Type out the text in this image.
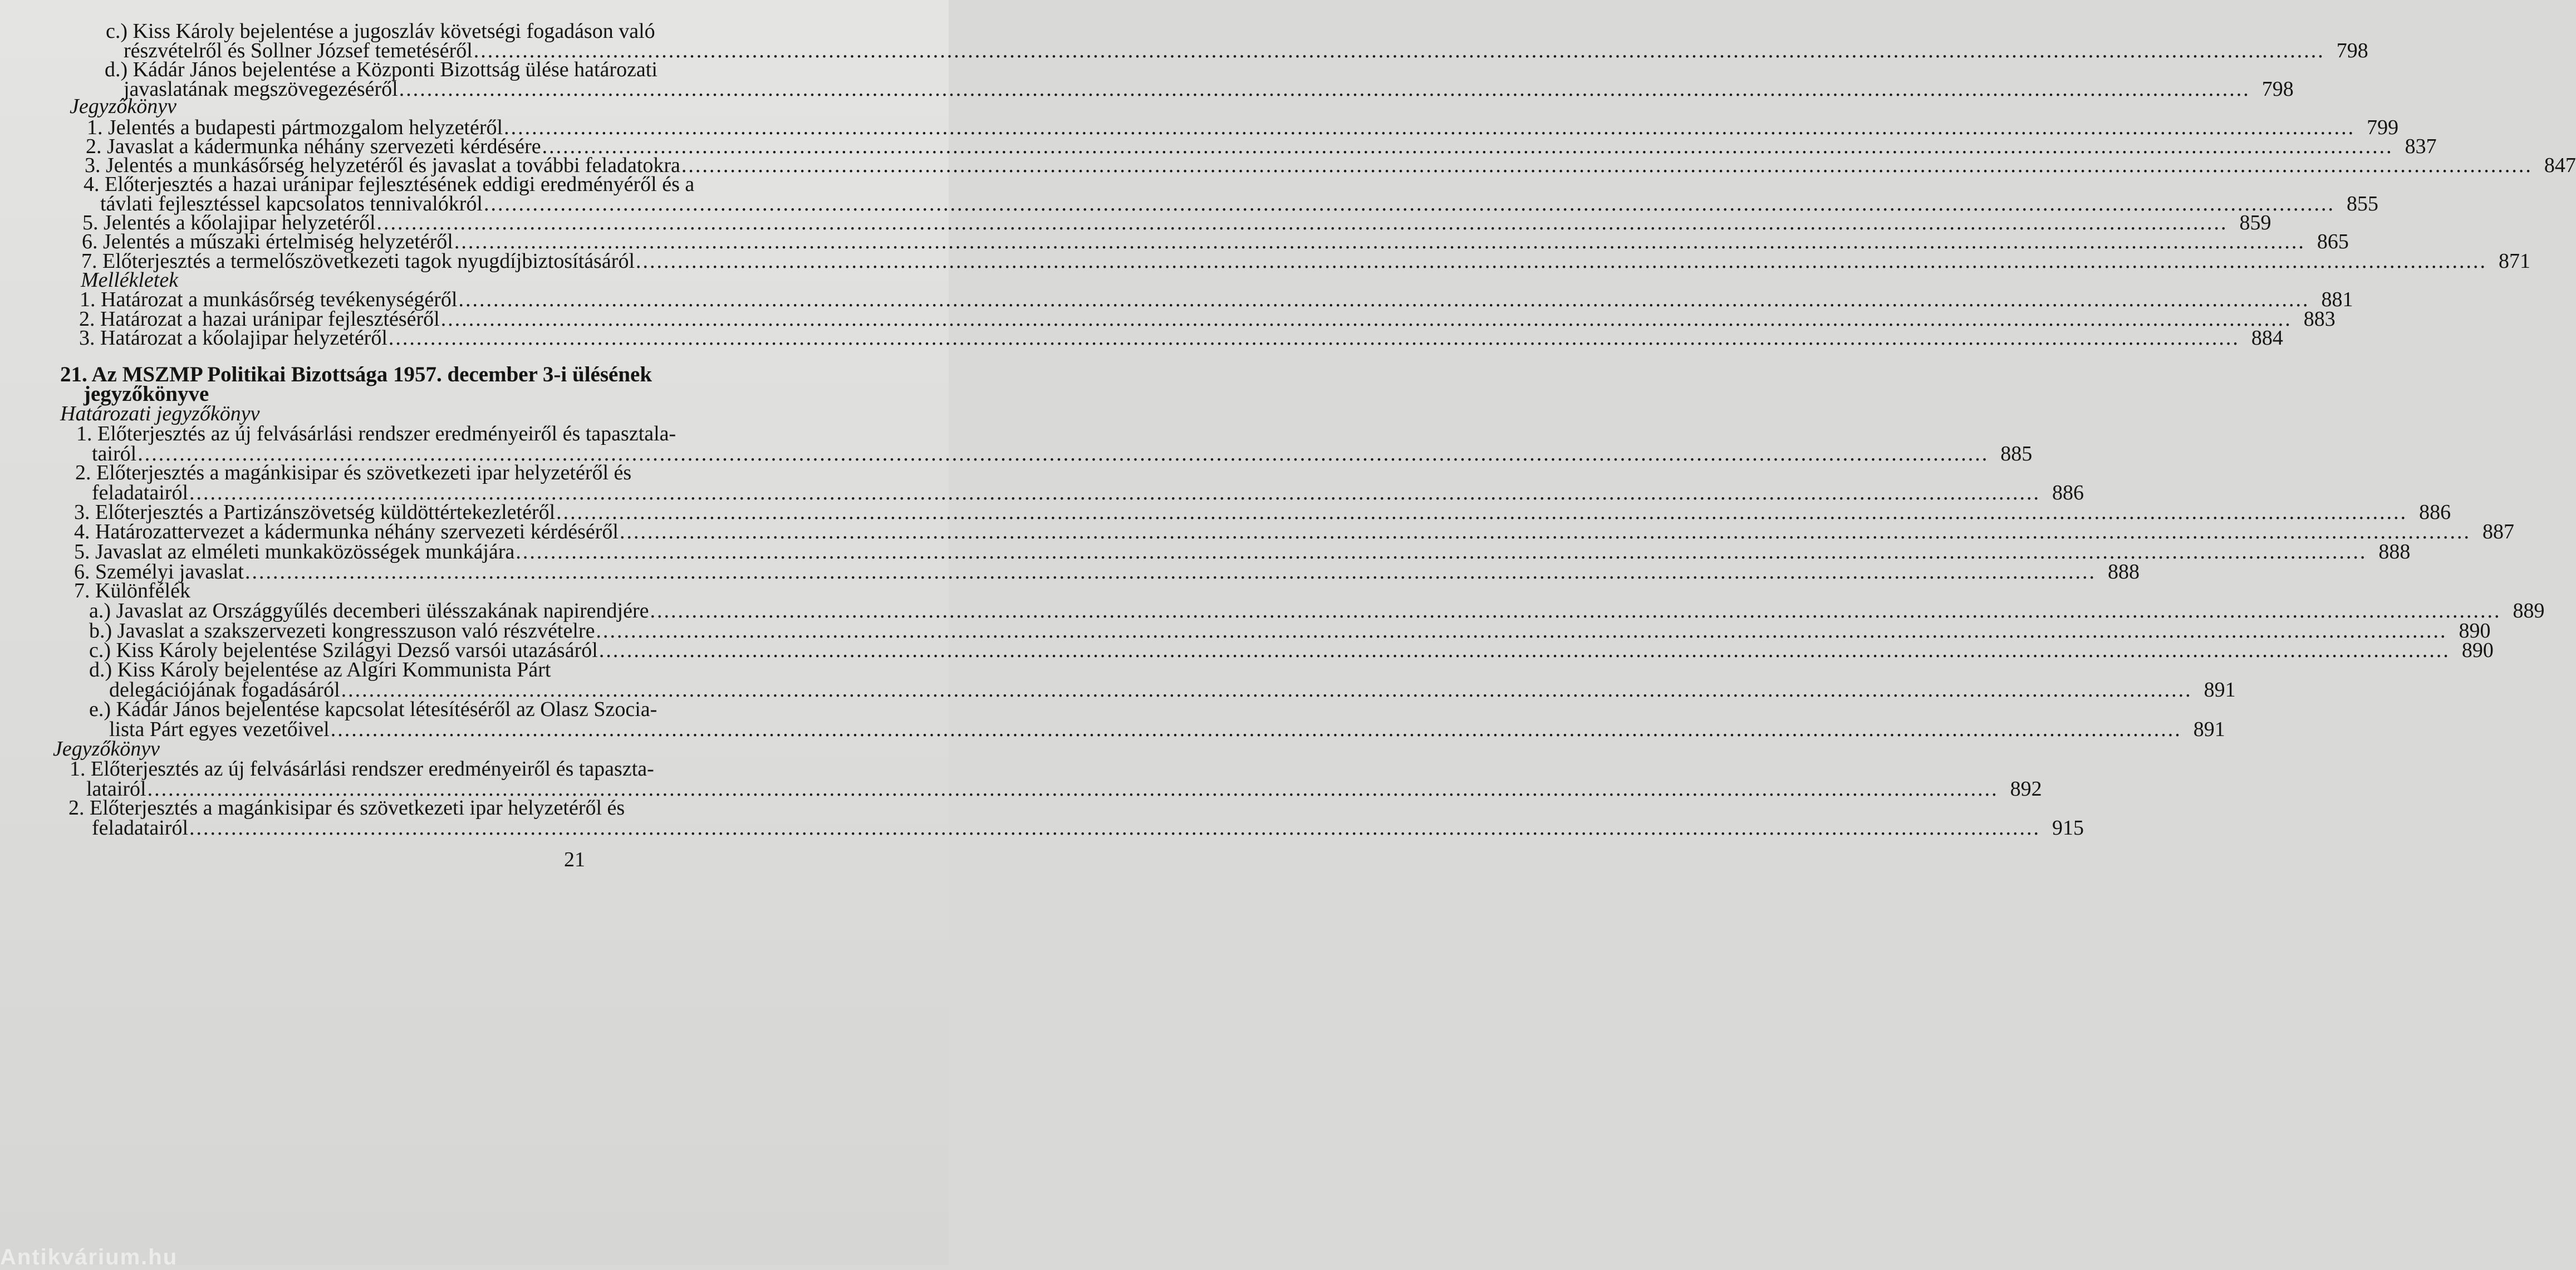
c.) Kiss Károly bejelentése a jugoszláv követségi fogadáson való
részvételről és Sollner József temetéséről .....	798
d.) Kádár János bejelentése a Központi Bizottság ülése határozati
javaslatának megszövegezéséről .....	798
Jegyzőkönyv
1. Jelentés a budapesti pártmozgalom helyzetéről .....	799
2. Javaslat a kádermunka néhány szervezeti kérdésére .....	837
3. Jelentés a munkásőrség helyzetéről és javaslat a további feladatokra .....	847
4. Előterjesztés a hazai uránipar fejlesztésének eddigi eredményéről és a
távlati fejlesztéssel kapcsolatos tennivalókról .....	855
5. Jelentés a kőolajipar helyzetéről .....	859
6. Jelentés a műszaki értelmiség helyzetéről .....	865
7. Előterjesztés a termelőszövetkezeti tagok nyugdíjbiztosításáról .....	871
Mellékletek
1. Határozat a munkásőrség tevékenységéről .....	881
2. Határozat a hazai uránipar fejlesztéséről .....	883
3. Határozat a kőolajipar helyzetéről .....	884
21. Az MSZMP Politikai Bizottsága 1957. december 3-i ülésének
jegyzőkönyve
Határozati jegyzőkönyv
1. Előterjesztés az új felvásárlási rendszer eredményeiről és tapasztala-
tairól .....	885
2. Előterjesztés a magánkisipar és szövetkezeti ipar helyzetéről és
feladatairól .....	886
3. Előterjesztés a Partizánszövetség küldöttértekezletéről .....	886
4. Határozattervezet a kádermunka néhány szervezeti kérdéséről .....	887
5. Javaslat az elméleti munkaközösségek munkájára .....	888
6. Személyi javaslat .....	888
7. Különfélék
a.) Javaslat az Országgyűlés decemberi ülésszakának napirendjére .....	889
b.) Javaslat a szakszervezeti kongresszuson való részvételre .....	890
c.) Kiss Károly bejelentése Szilágyi Dezső varsói utazásáról .....	890
d.) Kiss Károly bejelentése az Algíri Kommunista Párt
delegációjának fogadásáról .....	891
e.) Kádár János bejelentése kapcsolat létesítéséről az Olasz Szocia-
lista Párt egyes vezetőivel .....	891
Jegyzőkönyv
1. Előterjesztés az új felvásárlási rendszer eredményeiről és tapaszta-
latairól .....	892
2. Előterjesztés a magánkisipar és szövetkezeti ipar helyzetéről és
feladatairól .....	915
21
Antikvárium.hu
